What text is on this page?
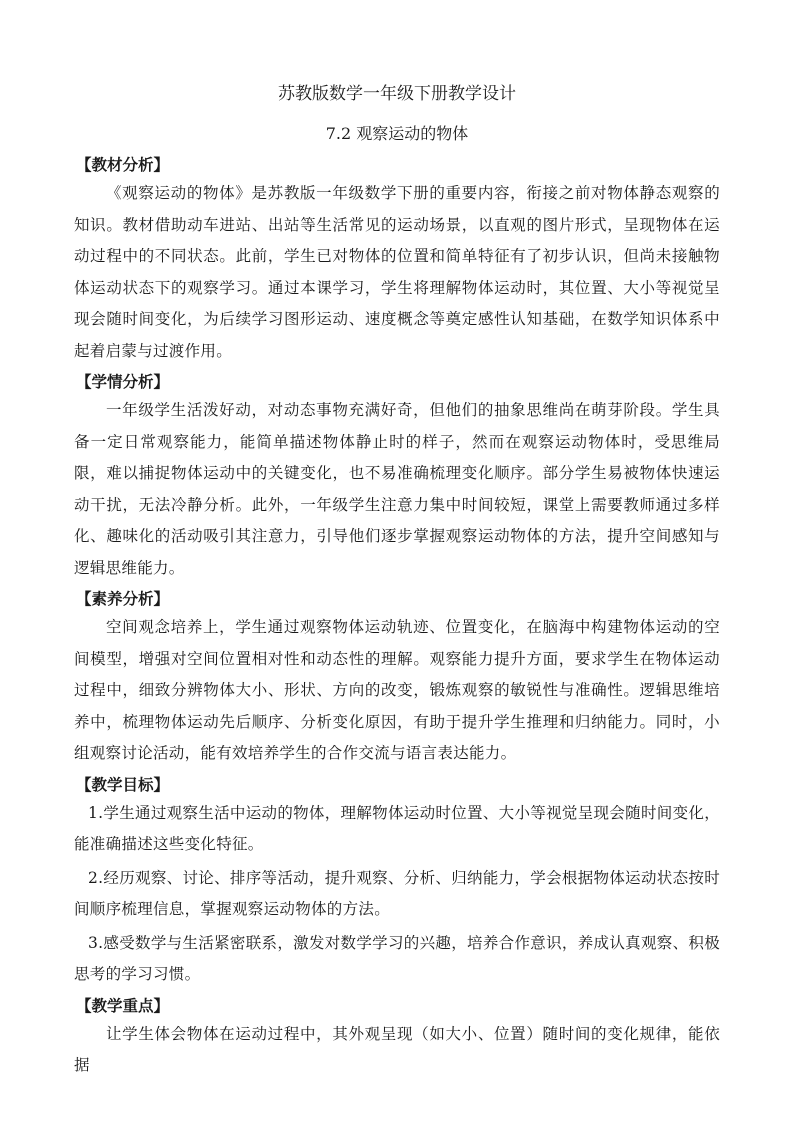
苏教版数学一年级下册教学设计
7.2 观察运动的物体
【教材分析】

《观察运动的物体》是苏教版一年级数学下册的重要内容，衔接之前对物体静态观察的知识。教材借助动车进站、出站等生活常见的运动场景，以直观的图片形式，呈现物体在运动过程中的不同状态。此前，学生已对物体的位置和简单特征有了初步认识，但尚未接触物体运动状态下的观察学习。通过本课学习，学生将理解物体运动时，其位置、大小等视觉呈现会随时间变化，为后续学习图形运动、速度概念等奠定感性认知基础，在数学知识体系中起着启蒙与过渡作用。

【学情分析】

一年级学生活泼好动，对动态事物充满好奇，但他们的抽象思维尚在萌芽阶段。学生具备一定日常观察能力，能简单描述物体静止时的样子，然而在观察运动物体时，受思维局限，难以捕捉物体运动中的关键变化，也不易准确梳理变化顺序。部分学生易被物体快速运动干扰，无法冷静分析。此外，一年级学生注意力集中时间较短，课堂上需要教师通过多样化、趣味化的活动吸引其注意力，引导他们逐步掌握观察运动物体的方法，提升空间感知与逻辑思维能力。

【素养分析】

空间观念培养上，学生通过观察物体运动轨迹、位置变化，在脑海中构建物体运动的空间模型，增强对空间位置相对性和动态性的理解。观察能力提升方面，要求学生在物体运动过程中，细致分辨物体大小、形状、方向的改变，锻炼观察的敏锐性与准确性。逻辑思维培养中，梳理物体运动先后顺序、分析变化原因，有助于提升学生推理和归纳能力。同时，小组观察讨论活动，能有效培养学生的合作交流与语言表达能力。

【教学目标】

1.学生通过观察生活中运动的物体，理解物体运动时位置、大小等视觉呈现会随时间变化，能准确描述这些变化特征。

2.经历观察、讨论、排序等活动，提升观察、分析、归纳能力，学会根据物体运动状态按时间顺序梳理信息，掌握观察运动物体的方法。

3.感受数学与生活紧密联系，激发对数学学习的兴趣，培养合作意识，养成认真观察、积极思考的学习习惯。

【教学重点】

让学生体会物体在运动过程中，其外观呈现（如大小、位置）随时间的变化规律，能依据
